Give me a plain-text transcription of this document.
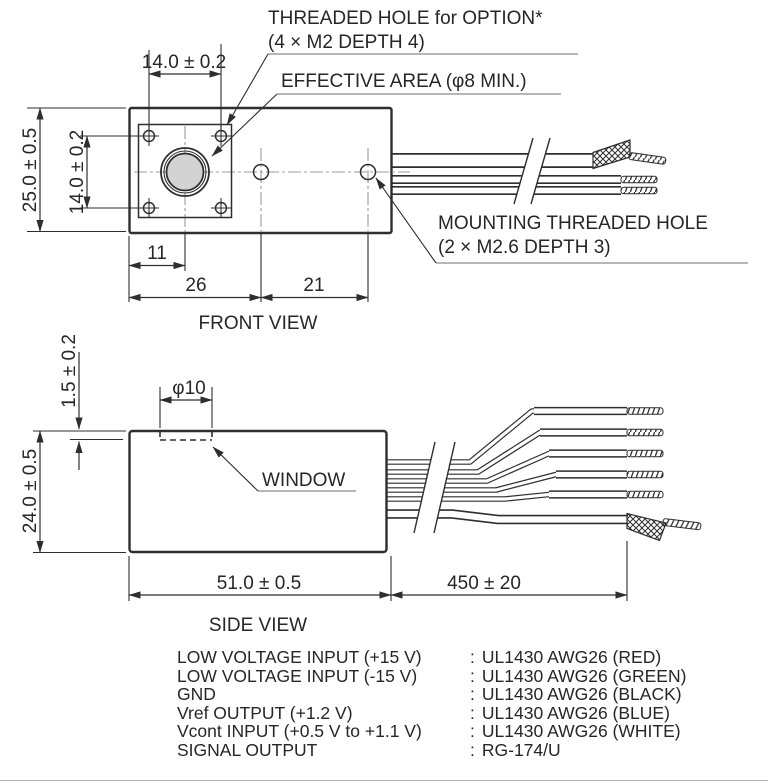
14.0 ± 0.2
25.0 ± 0.5 14.0 ± 0.2
11
26	21
THREADED HOLE for OPTION*
(4 × M2 DEPTH 4)
EFFECTIVE AREA (φ8 MIN.)
MOUNTING THREADED HOLE
(2 × M2.6 DEPTH 3)
FRONT VIEW
φ10
1.5 ± 0.2
24.0 ± 0.5
51.0 ± 0.5	450 ± 20
WINDOW
SIDE VIEW
LOW VOLTAGE INPUT (+15 V)	: UL1430 AWG26 (RED)
LOW VOLTAGE INPUT (-15 V)	: UL1430 AWG26 (GREEN)
GND	: UL1430 AWG26 (BLACK)
Vref OUTPUT (+1.2 V)	: UL1430 AWG26 (BLUE)
Vcont INPUT (+0.5 V to +1.1 V)	: UL1430 AWG26 (WHITE)
SIGNAL OUTPUT	: RG-174/U
